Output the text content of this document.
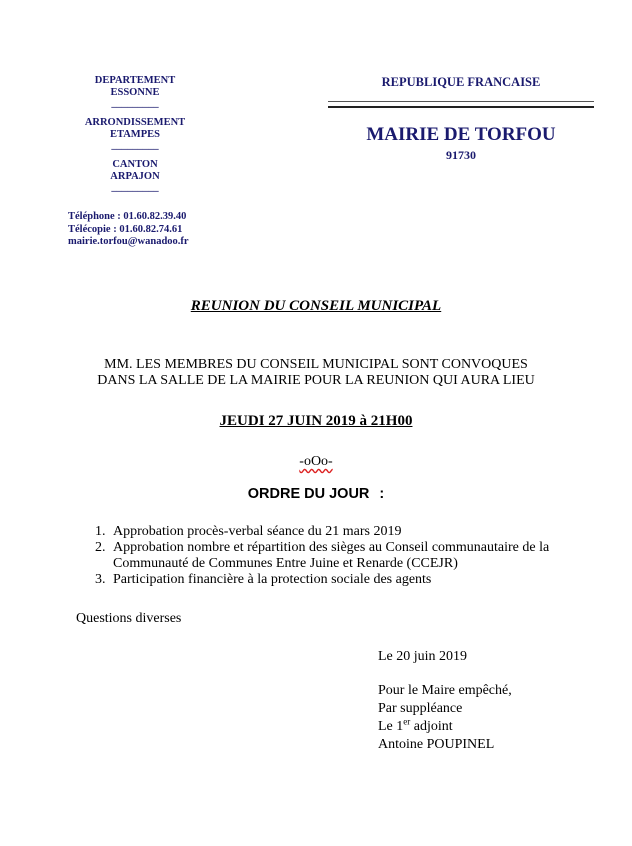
DEPARTEMENT
ESSONNE
_________
ARRONDISSEMENT
ETAMPES
_________
CANTON
ARPAJON
_________
Téléphone : 01.60.82.39.40
Télécopie : 01.60.82.74.61
mairie.torfou@wanadoo.fr
REPUBLIQUE FRANCAISE
MAIRIE DE TORFOU
91730
REUNION DU CONSEIL MUNICIPAL
MM. LES MEMBRES DU CONSEIL MUNICIPAL SONT CONVOQUES
DANS LA SALLE DE LA MAIRIE POUR LA REUNION QUI AURA LIEU
JEUDI 27 JUIN 2019 à 21H00
-oOo-
ORDRE DU JOUR :
1. Approbation procès-verbal séance du 21 mars 2019
2. Approbation nombre et répartition des sièges au Conseil communautaire de la Communauté de Communes Entre Juine et Renarde (CCEJR)
3. Participation financière à la protection sociale des agents
Questions diverses
Le 20 juin 2019
Pour le Maire empêché,
Par suppléance
Le 1er adjoint
Antoine POUPINEL
